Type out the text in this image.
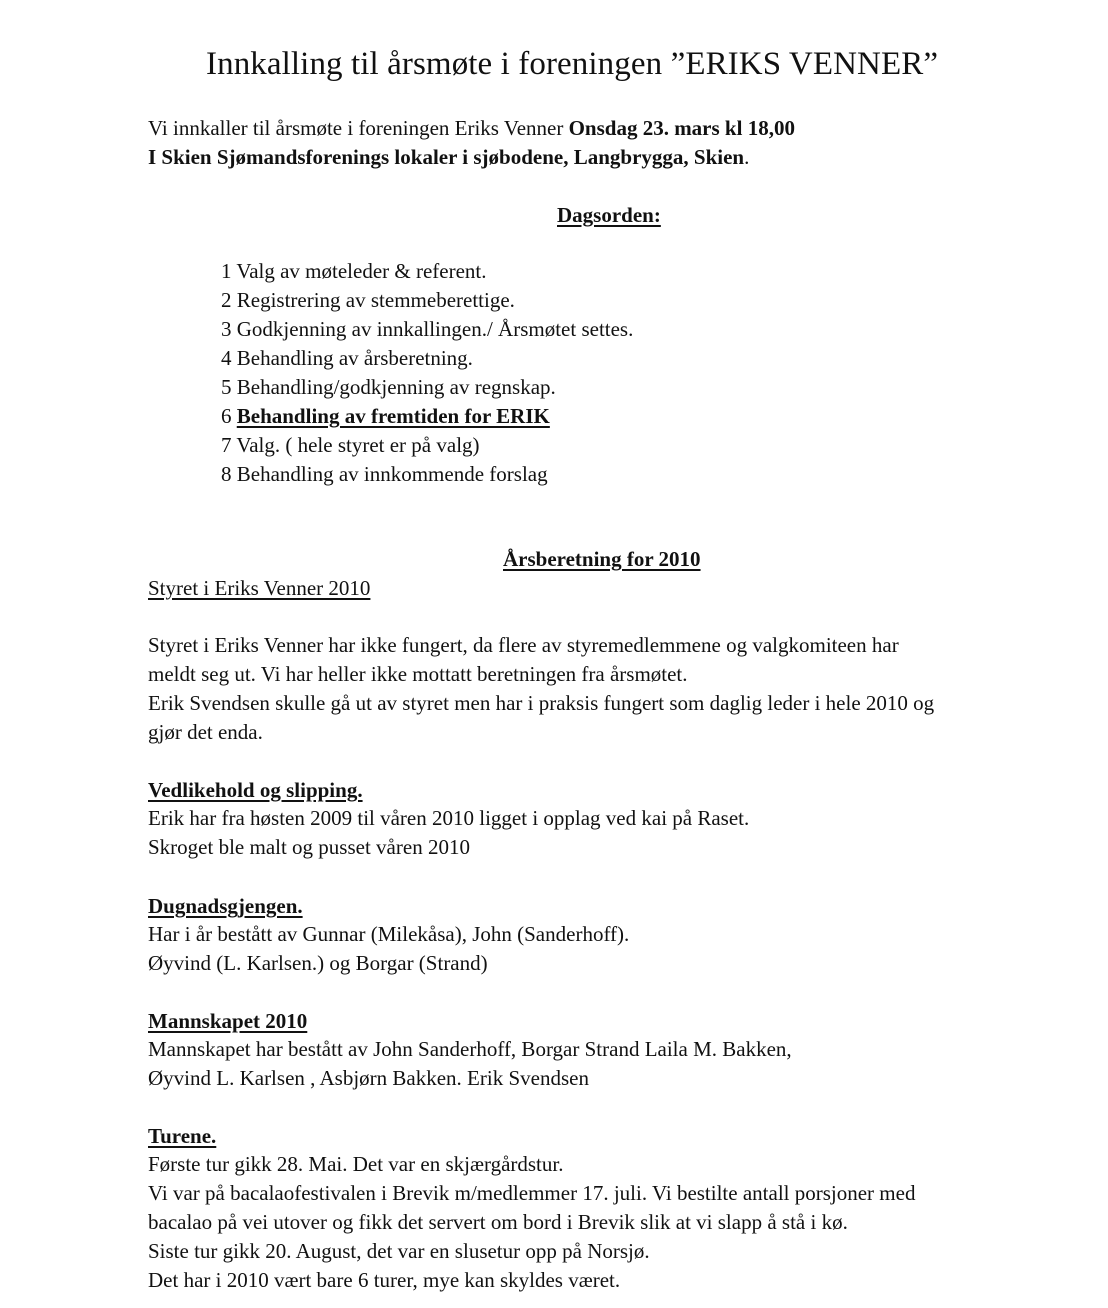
Innkalling til årsmøte i foreningen ”ERIKS VENNER”
Vi innkaller til årsmøte i foreningen Eriks Venner Onsdag 23. mars kl 18,00
I Skien Sjømandsforenings lokaler i sjøbodene, Langbrygga, Skien.
Dagsorden:
1 Valg av møteleder & referent.
2 Registrering av stemmeberettige.
3 Godkjenning av innkallingen./ Årsmøtet settes.
4 Behandling av årsberetning.
5 Behandling/godkjenning av regnskap.
6 Behandling av fremtiden for ERIK
7 Valg. ( hele styret er på valg)
8 Behandling av innkommende forslag
Årsberetning for 2010
Styret i Eriks Venner 2010
Styret i Eriks Venner har ikke fungert, da flere av styremedlemmene og valgkomiteen har
meldt seg ut. Vi har heller ikke mottatt beretningen fra årsmøtet.
Erik Svendsen skulle gå ut av styret men har i praksis fungert som daglig leder i hele 2010 og
gjør det enda.
Vedlikehold og slipping.
Erik har fra høsten 2009 til våren 2010 ligget i opplag ved kai på Raset.
Skroget ble malt og pusset våren 2010
Dugnadsgjengen.
Har i år bestått av Gunnar (Milekåsa), John (Sanderhoff).
Øyvind (L. Karlsen.) og Borgar (Strand)
Mannskapet 2010
Mannskapet har bestått av John Sanderhoff, Borgar Strand Laila M. Bakken,
Øyvind L. Karlsen , Asbjørn Bakken. Erik Svendsen
Turene.
Første tur gikk 28. Mai. Det var en skjærgårdstur.
Vi var på bacalaofestivalen i Brevik m/medlemmer 17. juli. Vi bestilte antall porsjoner med
bacalao på vei utover og fikk det servert om bord i Brevik slik at vi slapp å stå i kø.
Siste tur gikk 20. August, det var en slusetur opp på Norsjø.
Det har i 2010 vært bare 6 turer, mye kan skyldes været.
